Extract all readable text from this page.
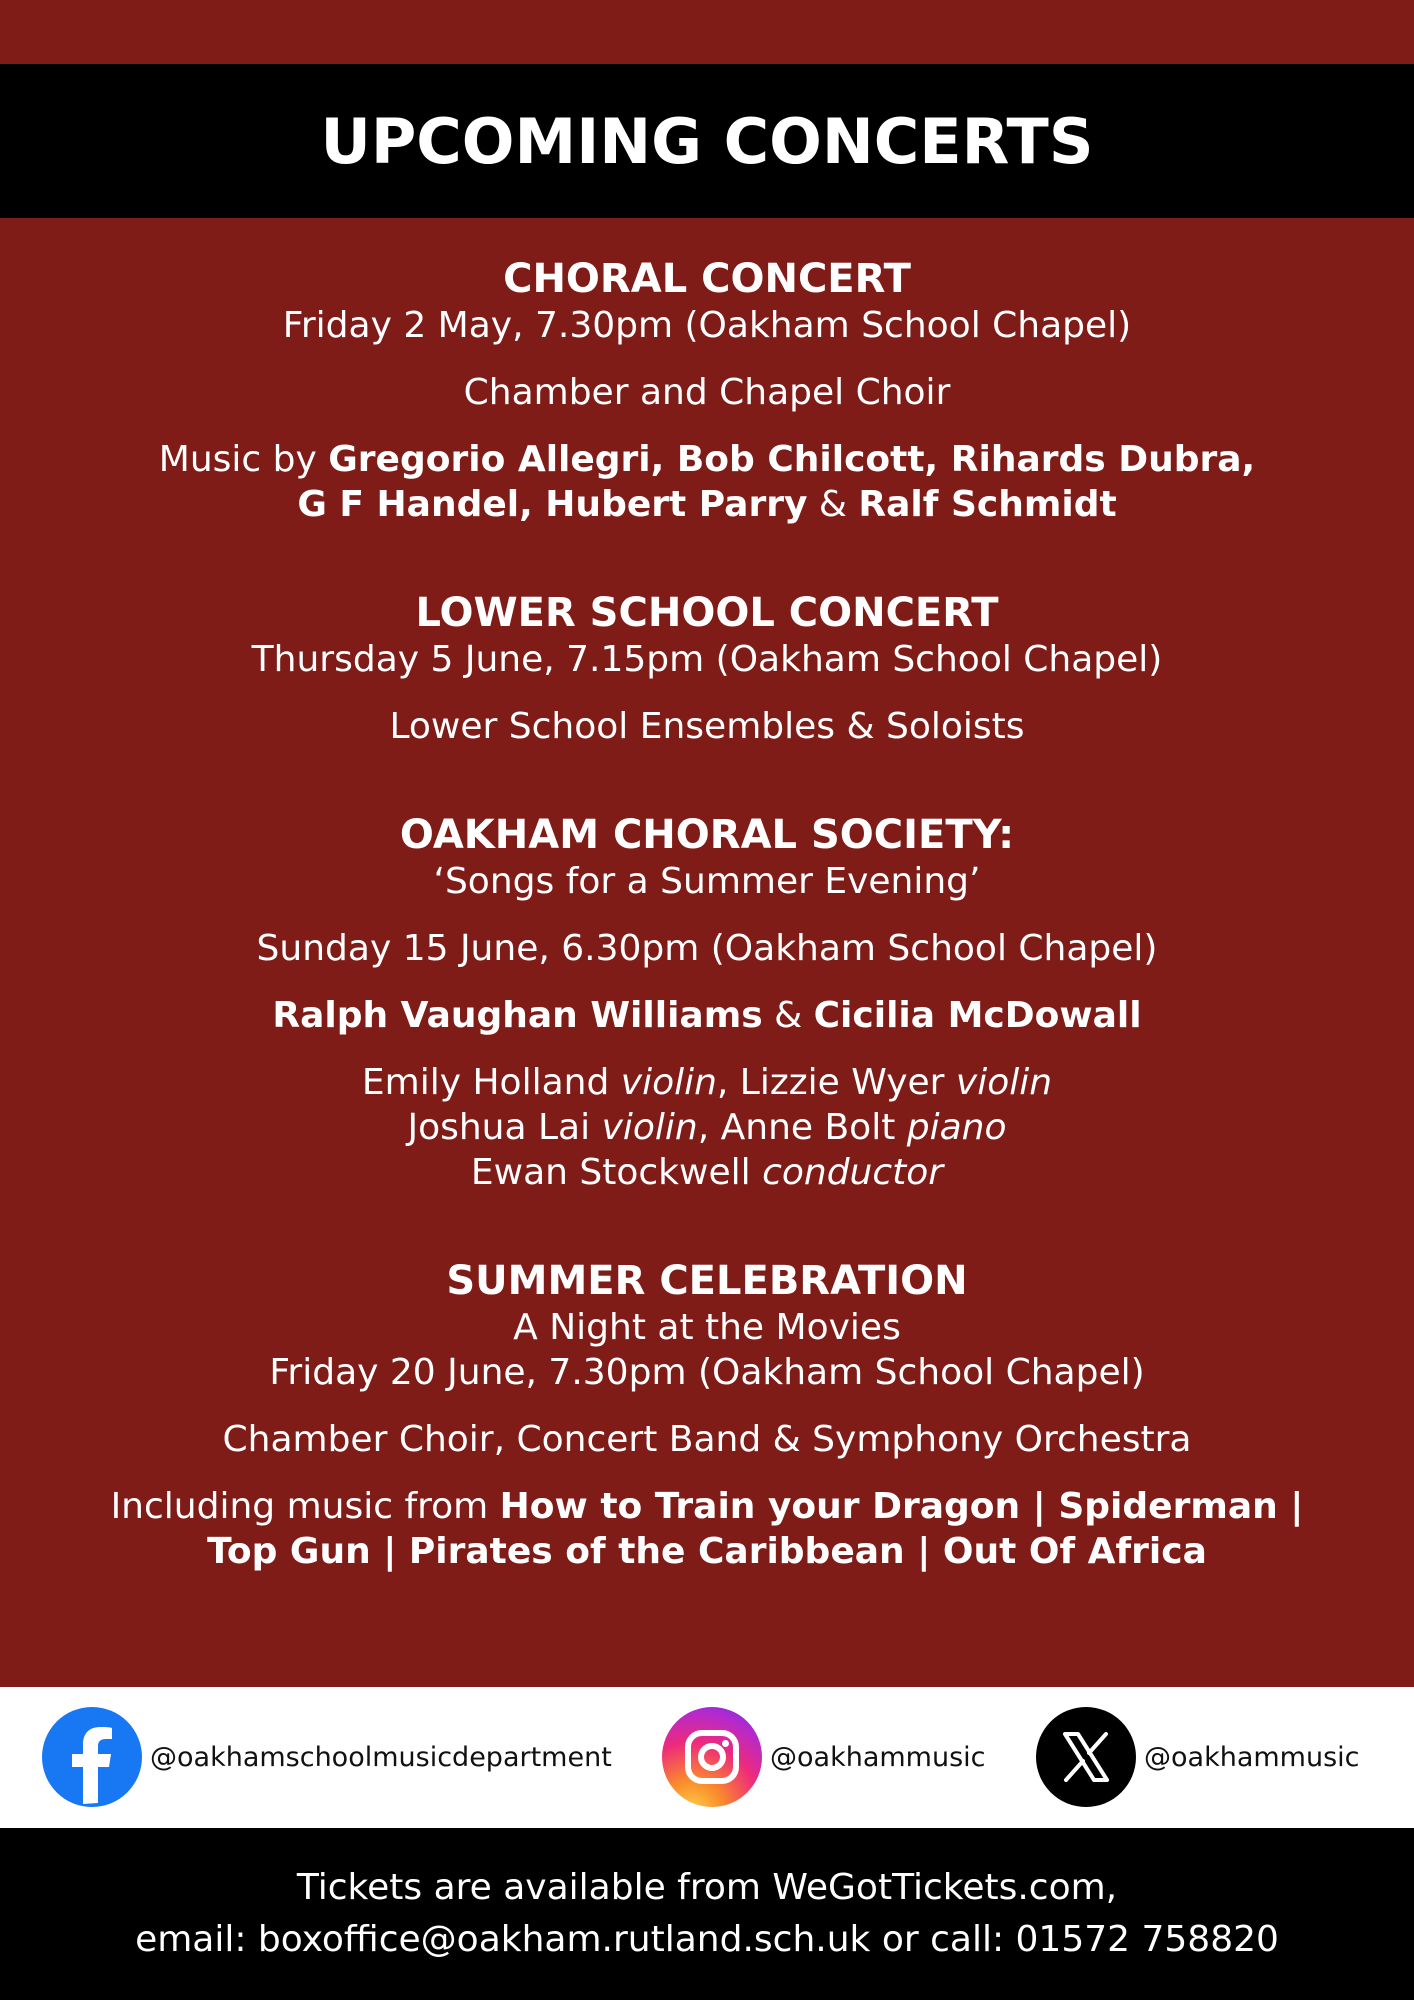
UPCOMING CONCERTS
CHORAL CONCERT
Friday 2 May, 7.30pm (Oakham School Chapel)
Chamber and Chapel Choir
Music by Gregorio Allegri, Bob Chilcott, Rihards Dubra,
G F Handel, Hubert Parry & Ralf Schmidt
LOWER SCHOOL CONCERT
Thursday 5 June, 7.15pm (Oakham School Chapel)
Lower School Ensembles & Soloists
OAKHAM CHORAL SOCIETY:
‘Songs for a Summer Evening’
Sunday 15 June, 6.30pm (Oakham School Chapel)
Ralph Vaughan Williams & Cicilia McDowall
Emily Holland violin, Lizzie Wyer violin
Joshua Lai violin, Anne Bolt piano
Ewan Stockwell conductor
SUMMER CELEBRATION
A Night at the Movies
Friday 20 June, 7.30pm (Oakham School Chapel)
Chamber Choir, Concert Band & Symphony Orchestra
Including music from How to Train your Dragon | Spiderman |
Top Gun | Pirates of the Caribbean | Out Of Africa
@oakhamschoolmusicdepartment	@oakhammusic	@oakhammusic
Tickets are available from WeGotTickets.com,
email: boxoffice@oakham.rutland.sch.uk or call: 01572 758820
